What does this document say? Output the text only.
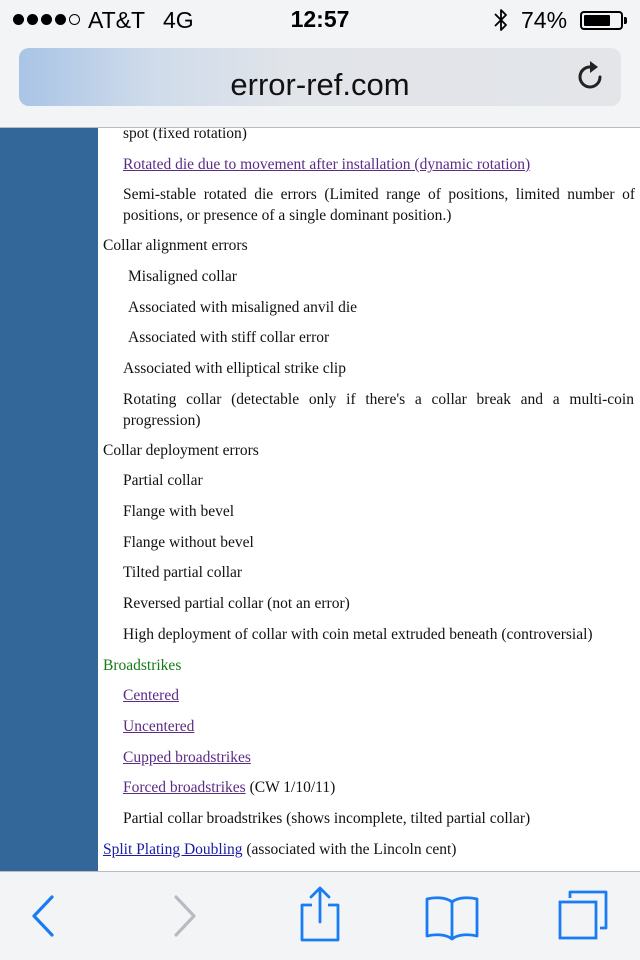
AT&T 4G	12:57	74%
error-ref.com
spot (fixed rotation)
Rotated die due to movement after installation (dynamic rotation)
Semi-stable rotated die errors (Limited range of positions, limited number of positions, or presence of a single dominant position.)
Collar alignment errors
Misaligned collar
Associated with misaligned anvil die
Associated with stiff collar error
Associated with elliptical strike clip
Rotating collar (detectable only if there's a collar break and a multi-coin progression)
Collar deployment errors
Partial collar
Flange with bevel
Flange without bevel
Tilted partial collar
Reversed partial collar (not an error)
High deployment of collar with coin metal extruded beneath (controversial)
Broadstrikes
Centered
Uncentered
Cupped broadstrikes
Forced broadstrikes (CW 1/10/11)
Partial collar broadstrikes (shows incomplete, tilted partial collar)
Split Plating Doubling (associated with the Lincoln cent)
